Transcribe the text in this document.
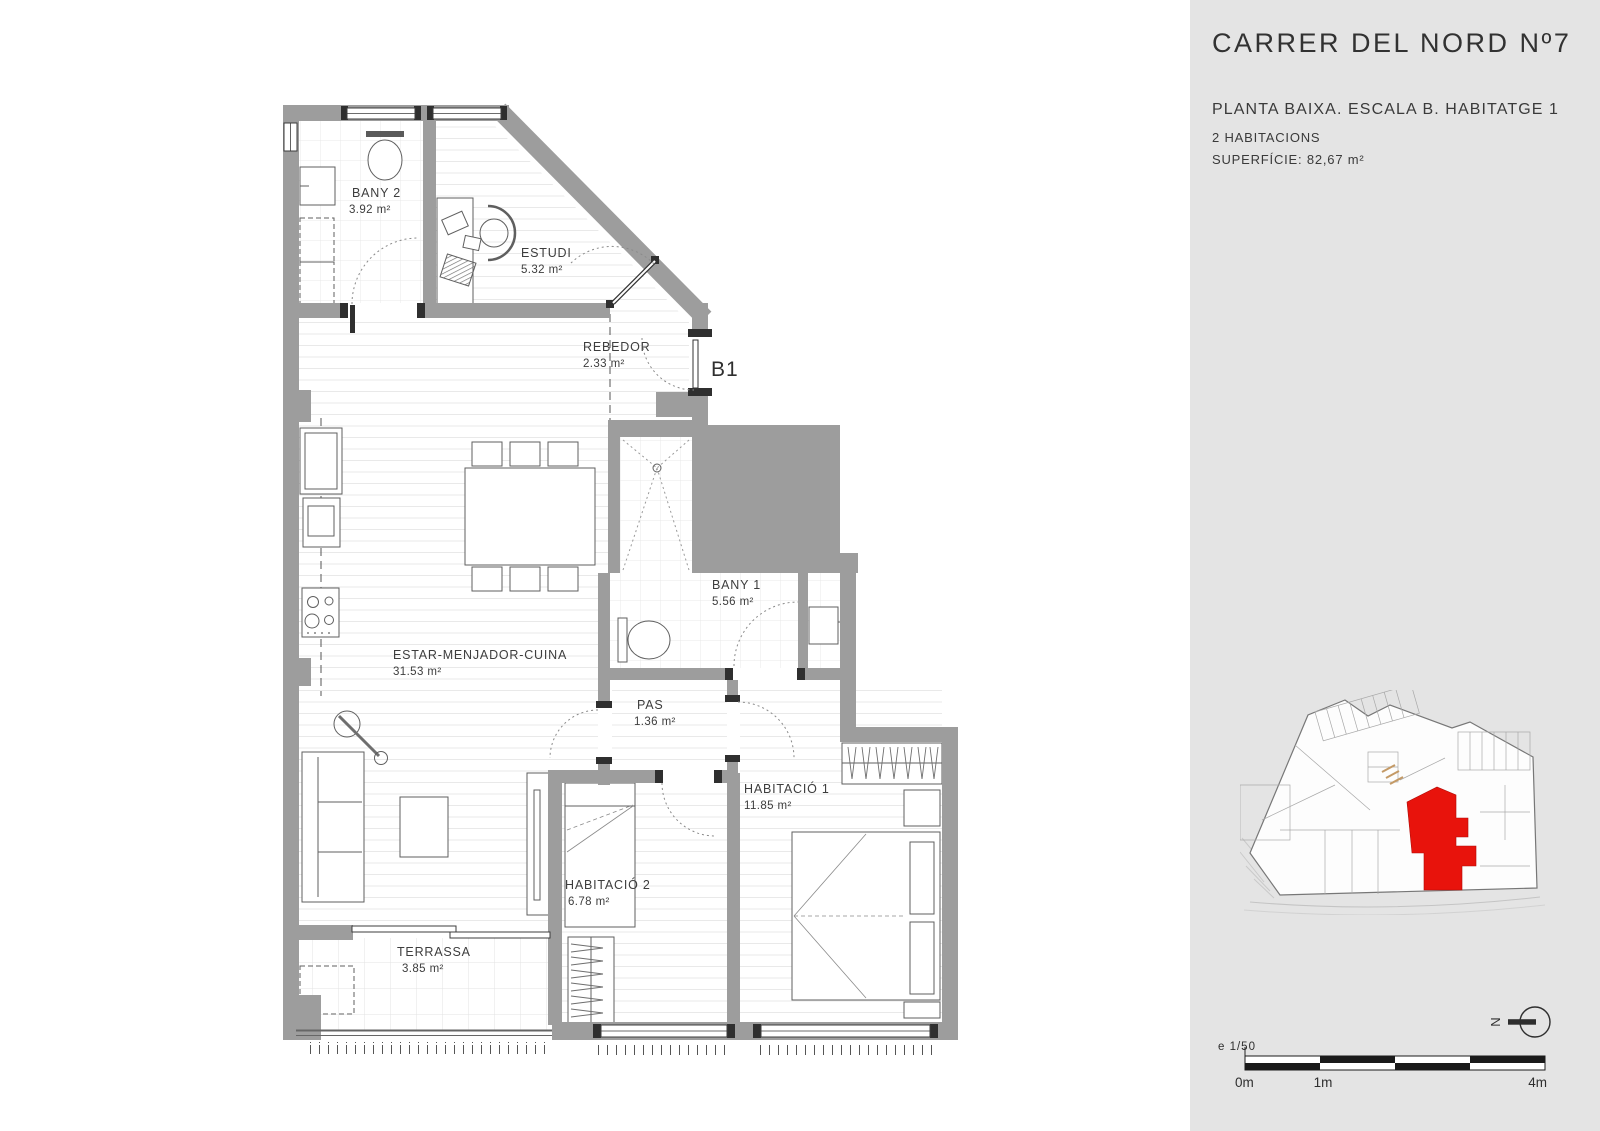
BANY 2
3.92 m²
ESTUDI
5.32 m²
REBEDOR
2.33 m²	B1
BANY 1
5.56 m²
ESTAR-MENJADOR-CUINA
31.53 m²
PAS
1.36 m²
HABITACIÓ 1
11.85 m²
HABITACIÓ 2
6.78 m²
TERRASSA
3.85 m²
CARRER DEL NORD Nº7
PLANTA BAIXA. ESCALA B. HABITATGE 1
2 HABITACIONS
SUPERFÍCIE: 82,67 m²
N
e 1/50
0m	1m	4m
